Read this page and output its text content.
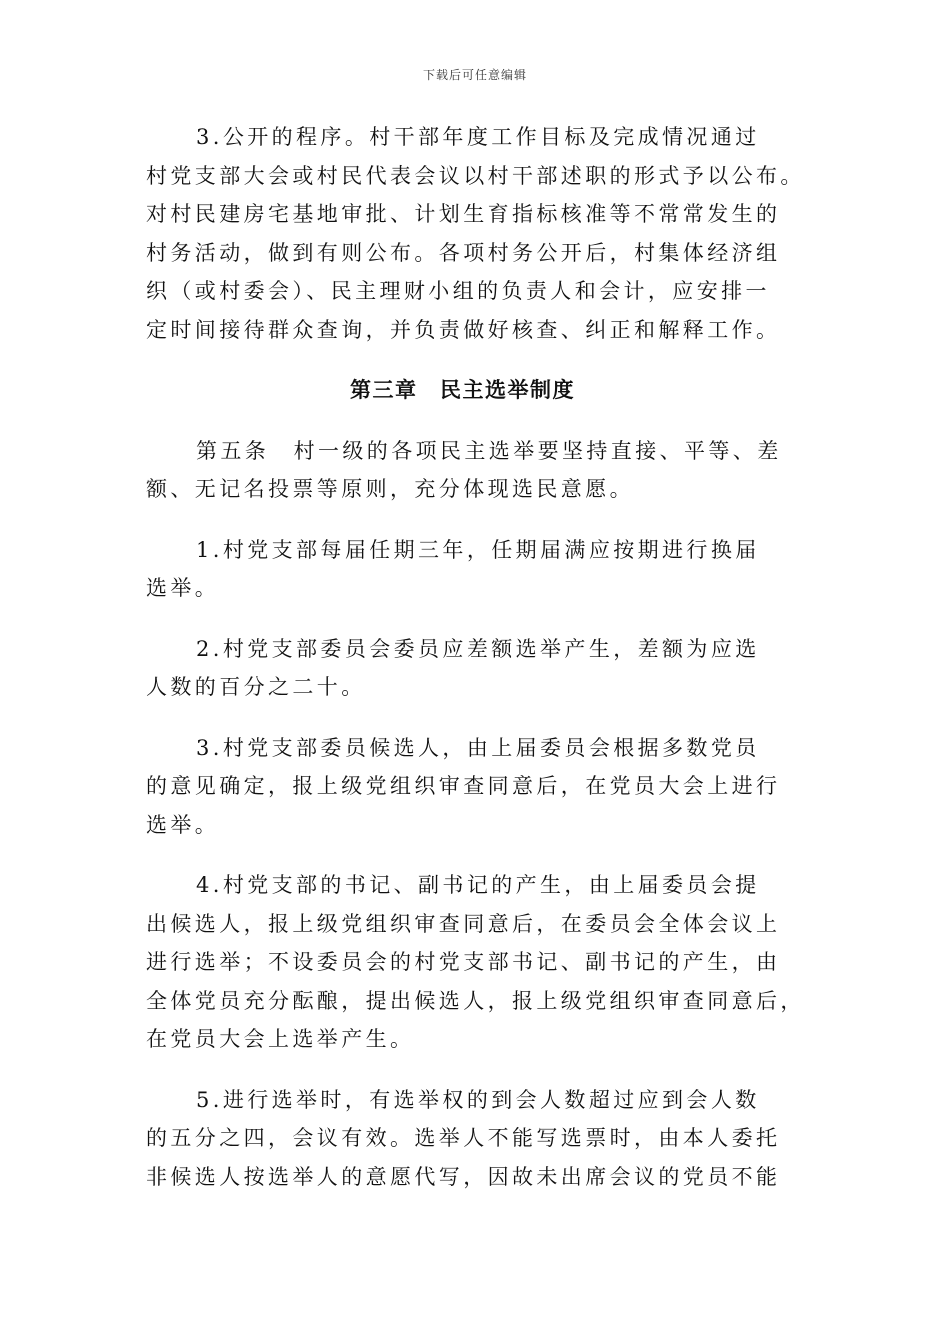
下载后可任意编辑

3.公开的程序。村干部年度工作目标及完成情况通过
村党支部大会或村民代表会议以村干部述职的形式予以公布。
对村民建房宅基地审批、计划生育指标核准等不常常发生的
村务活动，做到有则公布。各项村务公开后，村集体经济组
织（或村委会）、民主理财小组的负责人和会计，应安排一
定时间接待群众查询，并负责做好核查、纠正和解释工作。

第三章　民主选举制度

第五条　村一级的各项民主选举要坚持直接、平等、差
额、无记名投票等原则，充分体现选民意愿。

1.村党支部每届任期三年，任期届满应按期进行换届
选举。

2.村党支部委员会委员应差额选举产生，差额为应选
人数的百分之二十。

3.村党支部委员候选人，由上届委员会根据多数党员
的意见确定，报上级党组织审查同意后，在党员大会上进行
选举。

4.村党支部的书记、副书记的产生，由上届委员会提
出候选人，报上级党组织审查同意后，在委员会全体会议上
进行选举；不设委员会的村党支部书记、副书记的产生，由
全体党员充分酝酿，提出候选人，报上级党组织审查同意后，
在党员大会上选举产生。

5.进行选举时，有选举权的到会人数超过应到会人数
的五分之四，会议有效。选举人不能写选票时，由本人委托
非候选人按选举人的意愿代写，因故未出席会议的党员不能
